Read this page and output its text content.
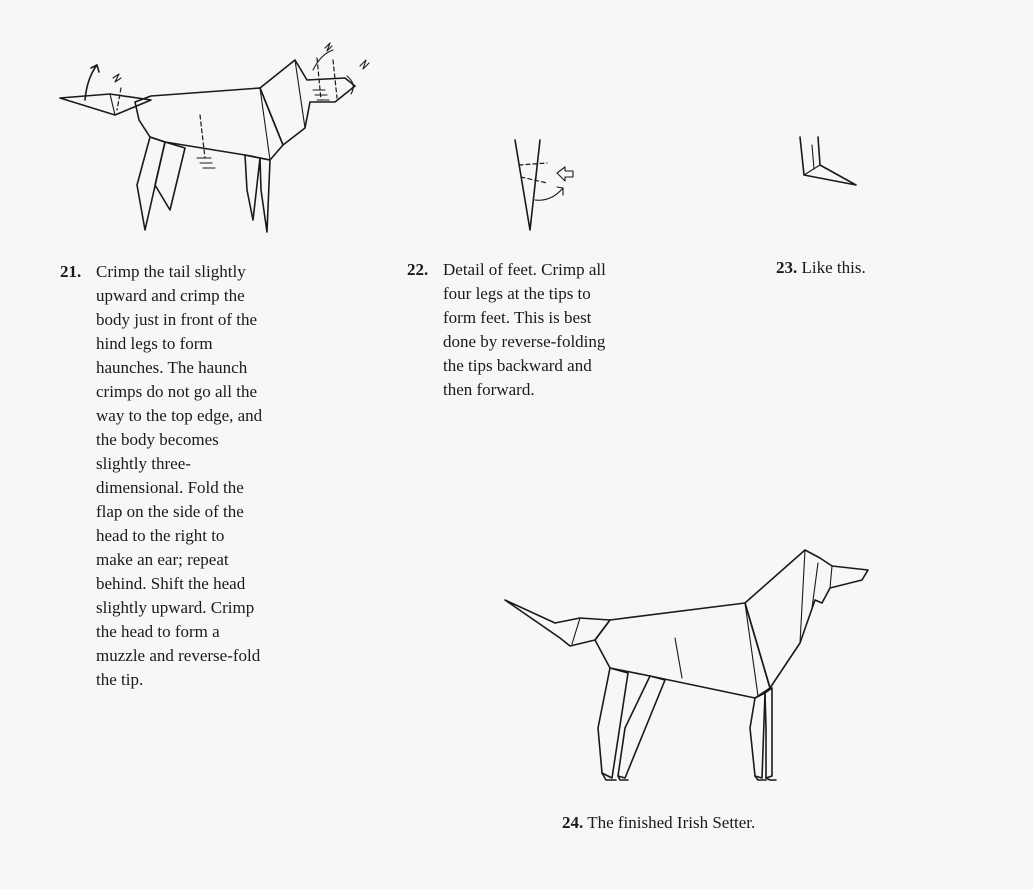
21. Crimp the tail slightly
upward and crimp the
body just in front of the
hind legs to form
haunches. The haunch
crimps do not go all the
way to the top edge, and
the body becomes
slightly three-
dimensional. Fold the
flap on the side of the
head to the right to
make an ear; repeat
behind. Shift the head
slightly upward. Crimp
the head to form a
muzzle and reverse-fold
the tip.
22. Detail of feet. Crimp all
four legs at the tips to
form feet. This is best
done by reverse-folding
the tips backward and
then forward.
23. Like this.
24. The finished Irish Setter.
